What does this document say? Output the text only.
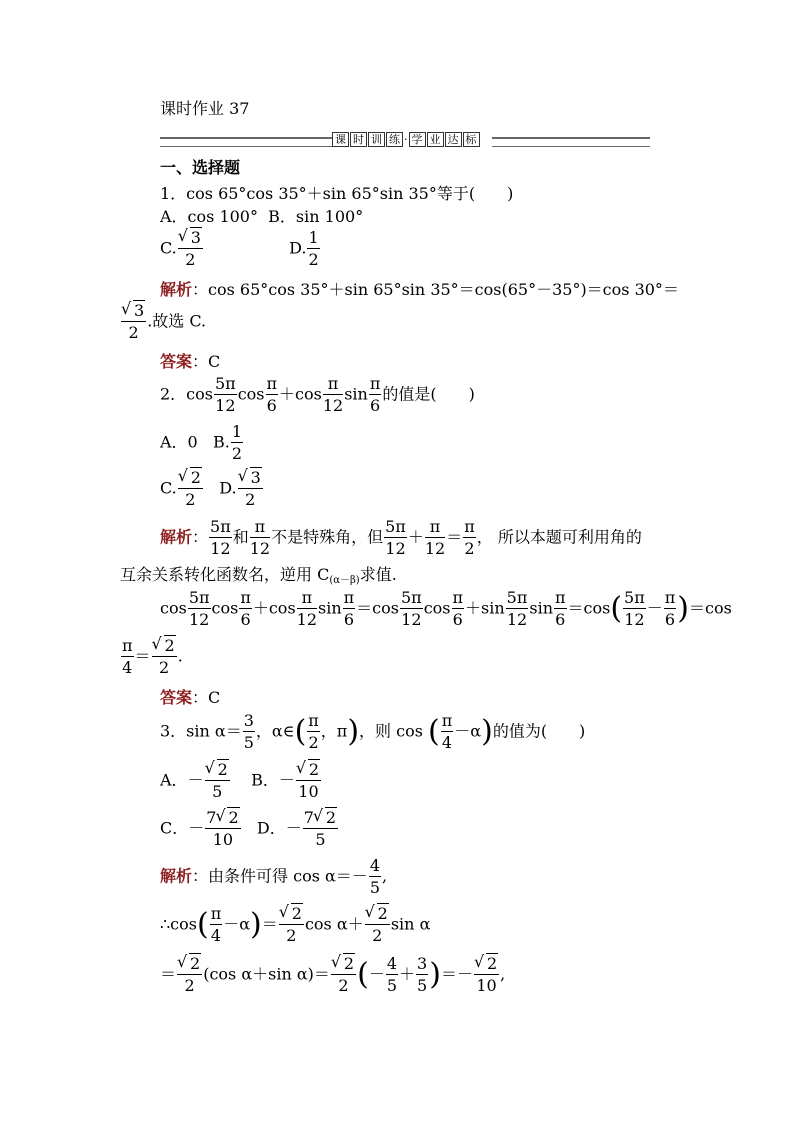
课时作业 37
课 时 训 练 · 学 业 达 标
一、选择题
1．cos 65°cos 35°＋sin 65°sin 35°等于(　　)
A．cos 100° B．sin 100°
C. √ $\frac{3}{2}$	D. $\frac{1}{2}$
解析：cos 65°cos 35°＋sin 65°sin 35°＝cos(65°－35°)＝cos 30°＝
√ $\frac{3}{2}$ .故选 C.
答案：C
2．$\cos \frac{5\pi}{12}$ $\cos \frac{\pi}{6} +\cos \frac{\pi}{12}$ $\sin \frac{\pi}{6}$ 的值是(　　)
A．0 B. $\frac{1}{2}$
C. √ $\frac{2}{2} D$. √ $\frac{3}{2}$
解析： $\frac{5\pi}{12}$ 和 $\frac{\pi}{12}$ 不是特殊角，但 $\frac{5\pi}{12} + \frac{\pi}{12} = \frac{\pi}{2}$ ， 所以本题可利用角的
互余关系转化函数名，逆用 $C_{(\alpha-\beta)}$求值.
$\cos \frac{5\pi}{12}$ $\cos \frac{\pi}{6} +\cos \frac{\pi}{12}$ $\sin \frac{\pi}{6} =\cos \frac{5\pi}{12}$ $\cos \frac{\pi}{6} +\sin \frac{5\pi}{12}$ $\sin \frac{\pi}{6} =\cos( \frac{5\pi}{12} - \frac{\pi}{6} )=\cos$
$\frac{\pi}{4}$ ＝ √ $\frac{2}{2}$ .
答案：C
3．$\sin \alpha= \frac{3}{5}$ ，α∈( $\frac{\pi}{2}$ ，π)，则 cos ( $\frac{\pi}{4} -\alpha$)的值为(　　)
A．－ √ $\frac{2}{5}$ B．－ √ $\frac{2}{10}$
C．－ $\frac{7 √ 2}{10}$ D．－ $\frac{7 √ 2}{5}$
解析：由条件可得 $\cos \alpha=- \frac{4}{5}$ ,
∴cos( $\frac{\pi}{4} -\alpha)=$ √ $\frac{2}{2}$ cos α＋ √ $\frac{2}{2}$ sin α
＝ √ $\frac{2}{2} (\cos$ α＋sin α)＝ √ $\frac{2}{2}$ (－ $\frac{4}{5} + \frac{3}{5}$ )＝－ √ $\frac{2}{10}$ ,
